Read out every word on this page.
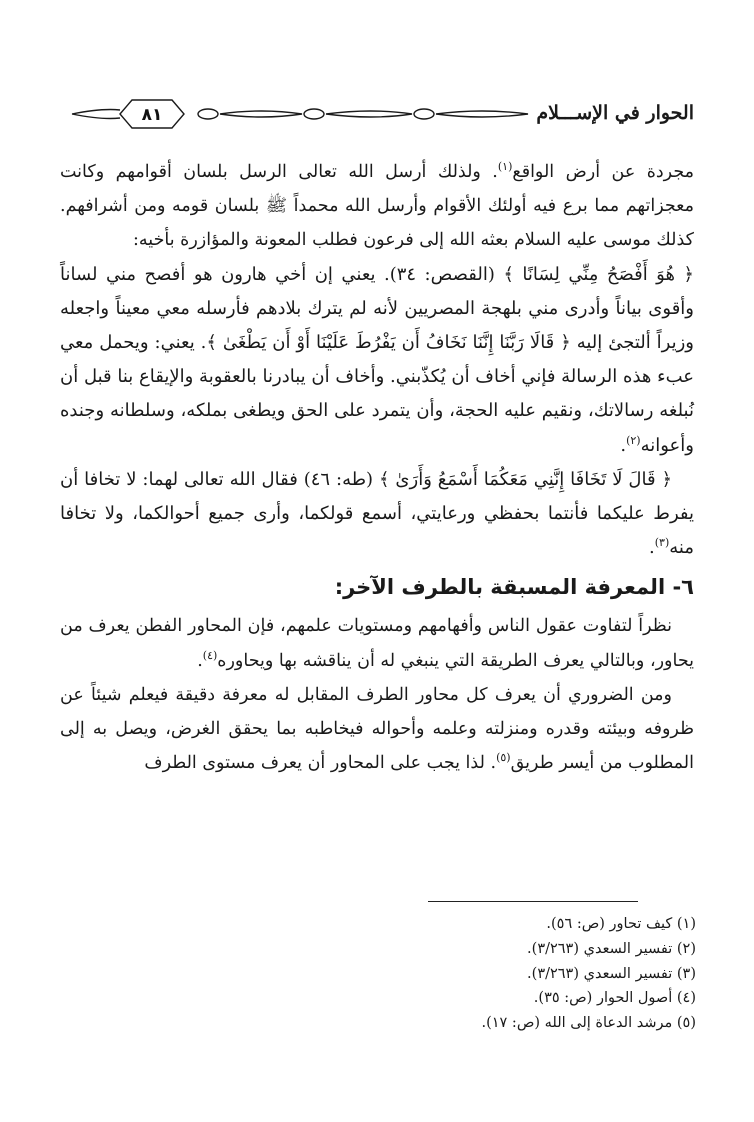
الحوار في الإســـلام
٨١

مجردة عن أرض الواقع$^{(١)}$. ولذلك أرسل الله تعالى الرسل بلسان أقوامهم وكانت معجزاتهم مما برع فيه أولئك الأقوام وأرسل الله محمداً ﷺ بلسان قومه ومن أشرافهم. كذلك موسى عليه السلام بعثه الله إلى فرعون فطلب المعونة والمؤازرة بأخيه:

﴿ هُوَ أَفْصَحُ مِنِّي لِسَانًا ﴾ (القصص: ٣٤). يعني إن أخي هارون هو أفصح مني لساناً وأقوى بياناً وأدرى مني بلهجة المصريين لأنه لم يترك بلادهم فأرسله معي معيناً واجعله وزيراً ألتجئ إليه ﴿ قَالَا رَبَّنَا إِنَّنَا نَخَافُ أَن يَفْرُطَ عَلَيْنَا أَوْ أَن يَطْغَىٰ ﴾. يعني: ويحمل معي عبء هذه الرسالة فإني أخاف أن يُكذّبني. وأخاف أن يبادرنا بالعقوبة والإيقاع بنا قبل أن نُبلغه رسالاتك، ونقيم عليه الحجة، وأن يتمرد على الحق ويطغى بملكه، وسلطانه وجنده وأعوانه$^{(٢)}$.

﴿ قَالَ لَا تَخَافَا إِنَّنِي مَعَكُمَا أَسْمَعُ وَأَرَىٰ ﴾ (طه: ٤٦) فقال الله تعالى لهما: لا تخافا أن يفرط عليكما فأنتما بحفظي ورعايتي، أسمع قولكما، وأرى جميع أحوالكما، ولا تخافا منه$^{(٣)}$.

٦- المعرفة المسبقة بالطرف الآخر:

نظراً لتفاوت عقول الناس وأفهامهم ومستويات علمهم، فإن المحاور الفطن يعرف من يحاور، وبالتالي يعرف الطريقة التي ينبغي له أن يناقشه بها ويحاوره$^{(٤)}$.

ومن الضروري أن يعرف كل محاور الطرف المقابل له معرفة دقيقة فيعلم شيئاً عن ظروفه وبيئته وقدره ومنزلته وعلمه وأحواله فيخاطبه بما يحقق الغرض، ويصل به إلى المطلوب من أيسر طريق$^{(٥)}$. لذا يجب على المحاور أن يعرف مستوى الطرف

(١) كيف تحاور (ص: ٥٦).
(٢) تفسير السعدي (٣/٢٦٣).
(٣) تفسير السعدي (٣/٢٦٣).
(٤) أصول الحوار (ص: ٣٥).
(٥) مرشد الدعاة إلى الله (ص: ١٧).
